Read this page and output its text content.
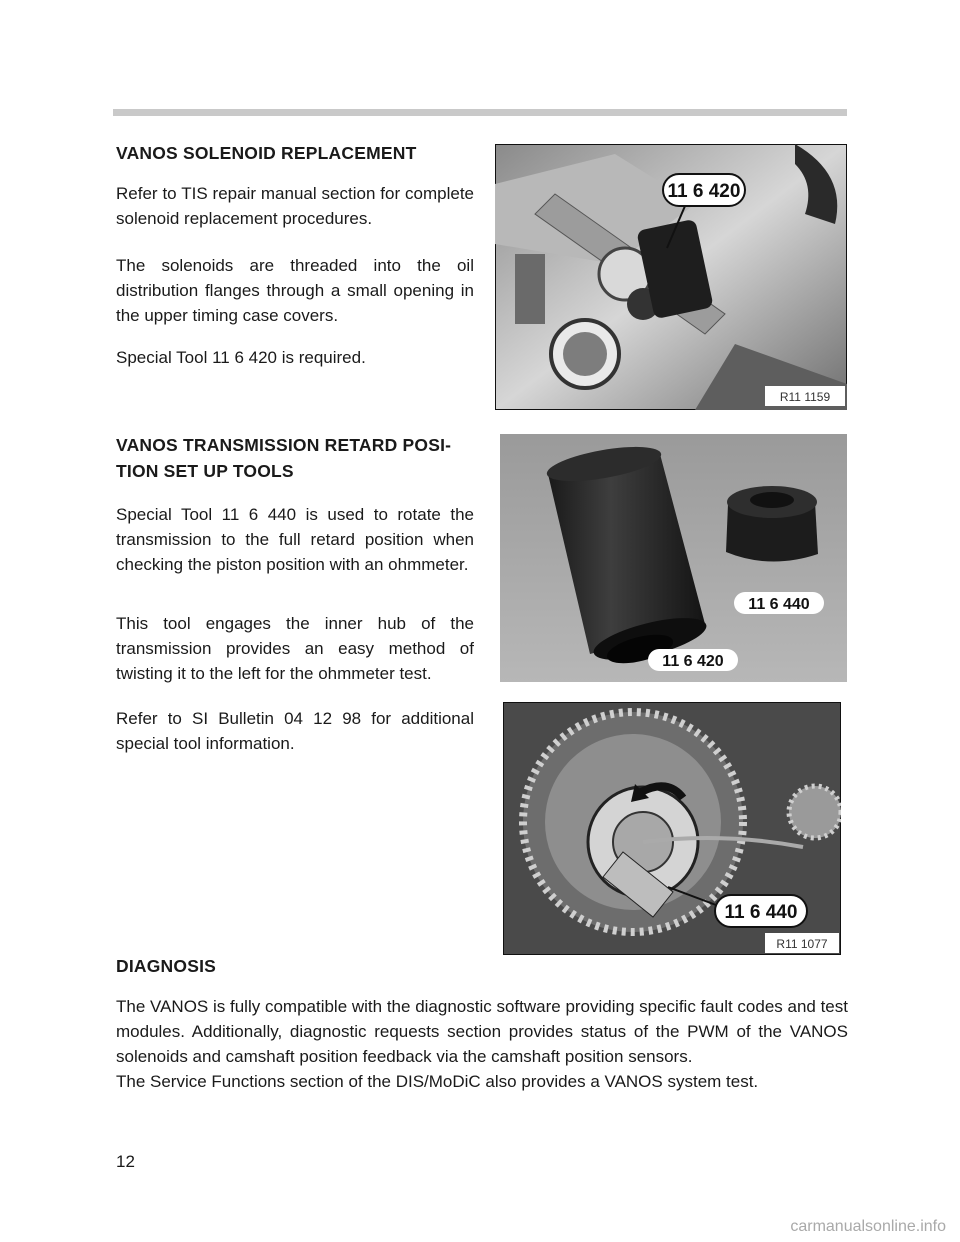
VANOS SOLENOID REPLACEMENT

Refer to TIS repair manual section for complete solenoid replacement procedures.

The solenoids are threaded into the oil distribution flanges through a small opening in the upper timing case covers.

Special Tool 11 6 420 is required.

11 6 420
R11 1159
VANOS TRANSMISSION RETARD POSI-
TION SET UP TOOLS

Special Tool 11 6 440 is used to rotate the transmission to the full retard position when checking the piston position with an ohmmeter.

This tool engages the inner hub of the transmission provides an easy method of twisting it to the left for the ohmmeter test.

Refer to SI Bulletin 04 12 98 for additional special tool information.

11 6 440
11 6 420
11 6 440
R11 1077
DIAGNOSIS

The VANOS is fully compatible with the diagnostic software providing specific fault codes and test modules. Additionally, diagnostic requests section provides status of the PWM of the VANOS solenoids and camshaft position feedback via the camshaft position sensors.

The Service Functions section of the DIS/MoDiC also provides a VANOS system test.

12

carmanualsonline.info
